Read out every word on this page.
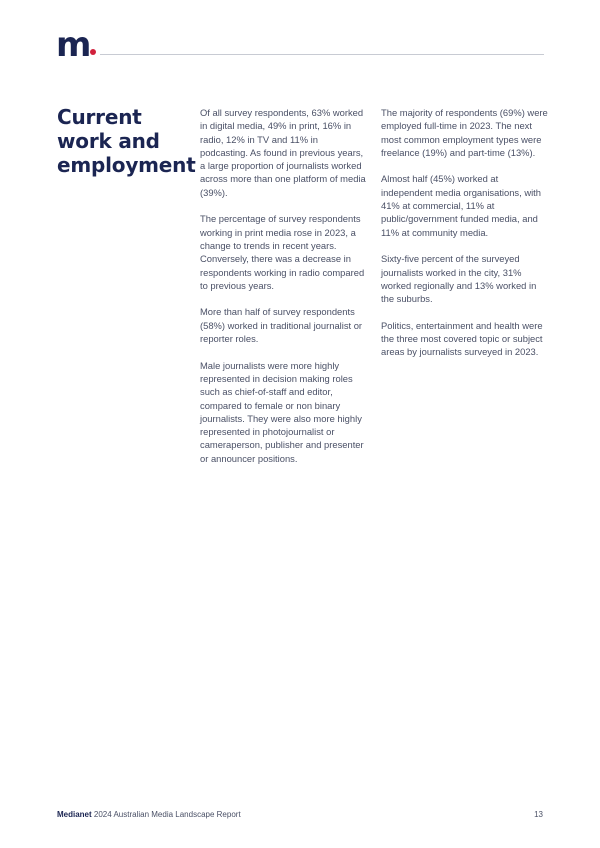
m
Current
work and
employment

Of all survey respondents, 63% worked in digital media, 49% in print, 16% in radio, 12% in TV and 11% in podcasting. As found in previous years, a large proportion of journalists worked across more than one platform of media (39%).

The percentage of survey respondents working in print media rose in 2023, a change to trends in recent years. Conversely, there was a decrease in respondents working in radio compared to previous years.

More than half of survey respondents (58%) worked in traditional journalist or reporter roles.

Male journalists were more highly represented in decision making roles such as chief-of-staff and editor, compared to female or non binary journalists. They were also more highly represented in photojournalist or cameraperson, publisher and presenter or announcer positions.

The majority of respondents (69%) were employed full-time in 2023. The next most common employment types were freelance (19%) and part-time (13%).

Almost half (45%) worked at independent media organisations, with 41% at commercial, 11% at public/government funded media, and 11% at community media.

Sixty-five percent of the surveyed journalists worked in the city, 31% worked regionally and 13% worked in the suburbs.

Politics, entertainment and health were the three most covered topic or subject areas by journalists surveyed in 2023.

Medianet 2024 Australian Media Landscape Report	13
